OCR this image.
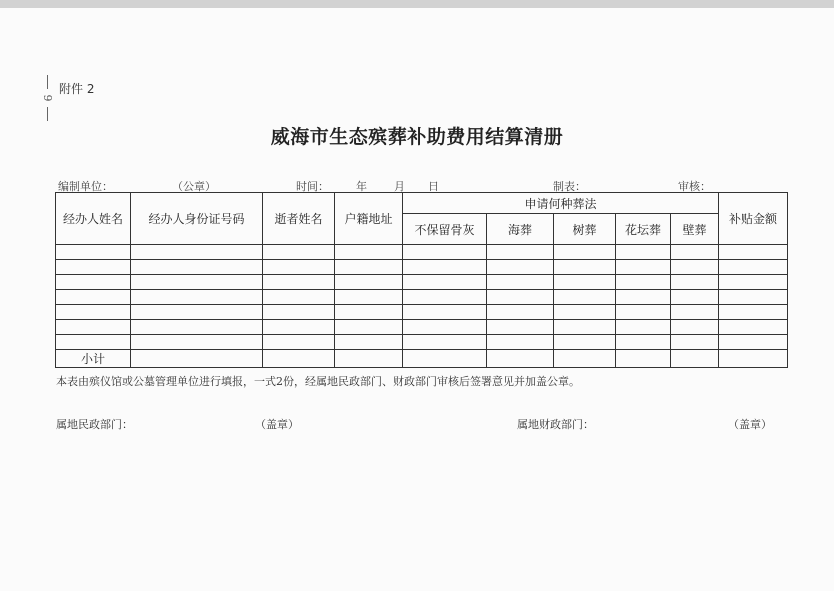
9
附件 2
威海市生态殡葬补助费用结算清册
编制单位：	（公章）	时间： 年 月 日	制表：	审核：
经办人姓名	经办人身份证号码	逝者姓名	户籍地址	申请何种葬法					补贴金额
				不保留骨灰	海葬	树葬	花坛葬	壁葬	

小计									
本表由殡仪馆或公墓管理单位进行填报，一式2份，经属地民政部门、财政部门审核后签署意见并加盖公章。
属地民政部门：	（盖章）	属地财政部门：	（盖章）
